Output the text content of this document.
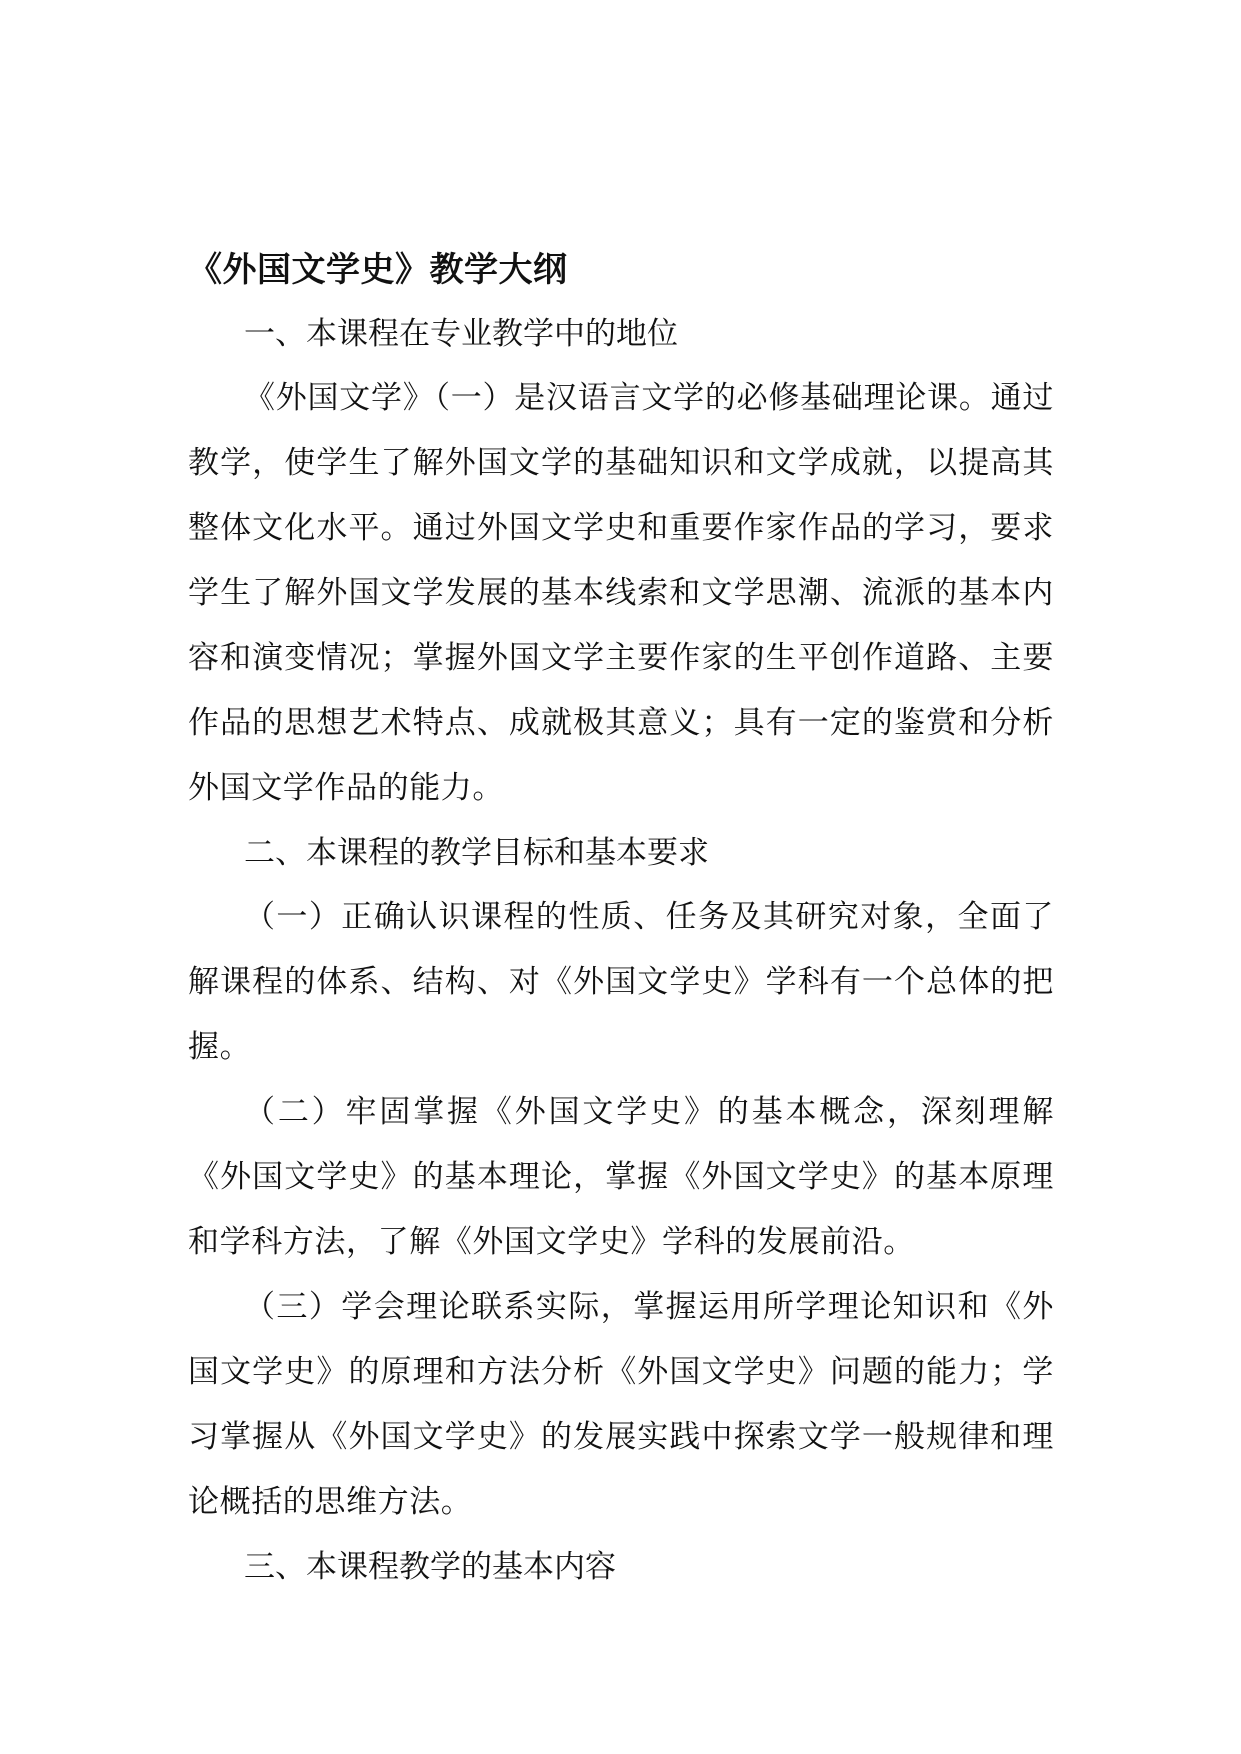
《外国文学史》教学大纲

一、本课程在专业教学中的地位

《外国文学》（一）是汉语言文学的必修基础理论课。通过教学，使学生了解外国文学的基础知识和文学成就，以提高其整体文化水平。通过外国文学史和重要作家作品的学习，要求学生了解外国文学发展的基本线索和文学思潮、流派的基本内容和演变情况；掌握外国文学主要作家的生平创作道路、主要作品的思想艺术特点、成就极其意义；具有一定的鉴赏和分析外国文学作品的能力。

二、本课程的教学目标和基本要求

（一）正确认识课程的性质、任务及其研究对象，全面了解课程的体系、结构、对《外国文学史》学科有一个总体的把握。

（二）牢固掌握《外国文学史》的基本概念，深刻理解《外国文学史》的基本理论，掌握《外国文学史》的基本原理和学科方法，了解《外国文学史》学科的发展前沿。

（三）学会理论联系实际，掌握运用所学理论知识和《外国文学史》的原理和方法分析《外国文学史》问题的能力；学习掌握从《外国文学史》的发展实践中探索文学一般规律和理论概括的思维方法。

三、本课程教学的基本内容
